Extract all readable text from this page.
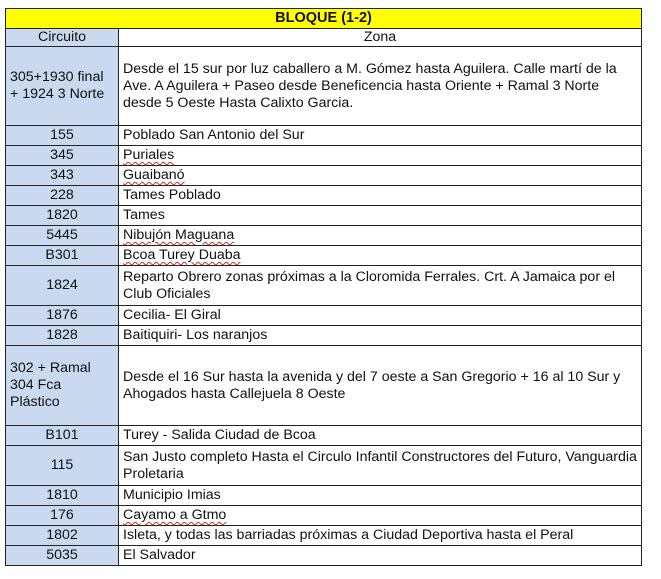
BLOQUE (1-2)	
Circuito	Zona
305+1930 final + 1924 3 Norte	Desde el 15 sur por luz caballero a M. Gómez hasta Aguilera. Calle martí de la Ave. A Aguilera + Paseo desde Beneficencia hasta Oriente + Ramal 3 Norte desde 5 Oeste Hasta Calixto Garcia.
155	Poblado San Antonio del Sur
345	Puriales
343	Guaibanó
228	Tames Poblado
1820	Tames
5445	Nibujón Maguana
B301	Bcoa Turey Duaba
1824	Reparto Obrero zonas próximas a la Cloromida Ferrales. Crt. A Jamaica por el Club Oficiales
1876	Cecilia- El Giral
1828	Baitiquiri- Los naranjos
302 + Ramal 304 Fca Plástico	Desde el 16 Sur hasta la avenida y del 7 oeste a San Gregorio + 16 al 10 Sur y Ahogados hasta Callejuela 8 Oeste
B101	Turey - Salida Ciudad de Bcoa
115	San Justo completo Hasta el Circulo Infantil Constructores del Futuro, Vanguardia Proletaria
1810	Municipio Imias
176	Cayamo a Gtmo
1802	Isleta, y todas las barriadas próximas a Ciudad Deportiva hasta el Peral
5035	El Salvador
